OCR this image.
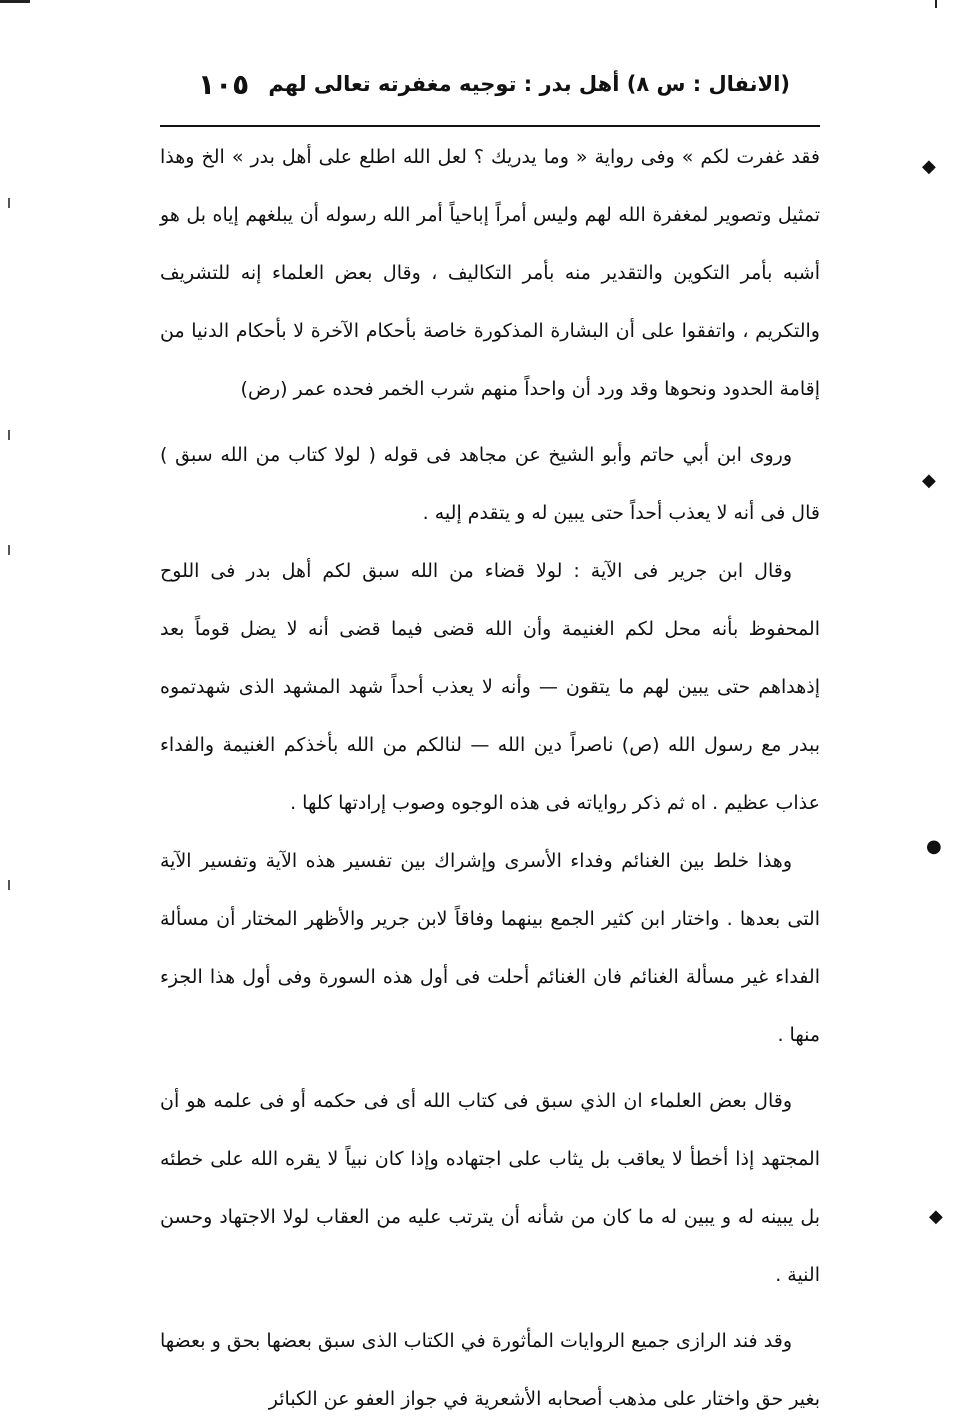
(الانفال : س ٨) أهل بدر : توجيه مغفرته تعالى لهم
١٠٥

فقد غفرت لكم » وفى رواية « وما يدريك ؟ لعل الله اطلع على أهل بدر » الخ وهذا تمثيل وتصوير لمغفرة الله لهم وليس أمراً إباحياً أمر الله رسوله أن يبلغهم إياه بل هو أشبه بأمر التكوين والتقدير منه بأمر التكاليف ، وقال بعض العلماء إنه للتشريف والتكريم ، واتفقوا على أن البشارة المذكورة خاصة بأحكام الآخرة لا بأحكام الدنيا من إقامة الحدود ونحوها وقد ورد أن واحداً منهم شرب الخمر فحده عمر (رض)

وروى ابن أبي حاتم وأبو الشيخ عن مجاهد فى قوله ( لولا كتاب من الله سبق ) قال فى أنه لا يعذب أحداً حتى يبين له و يتقدم إليه .

وقال ابن جرير فى الآية : لولا قضاء من الله سبق لكم أهل بدر فى اللوح المحفوظ بأنه محل لكم الغنيمة وأن الله قضى فيما قضى أنه لا يضل قوماً بعد إذهداهم حتى يبين لهم ما يتقون — وأنه لا يعذب أحداً شهد المشهد الذى شهدتموه ببدر مع رسول الله (ص) ناصراً دين الله — لنالكم من الله بأخذكم الغنيمة والفداء عذاب عظيم . اه ثم ذكر رواياته فى هذه الوجوه وصوب إرادتها كلها .

وهذا خلط بين الغنائم وفداء الأسرى وإشراك بين تفسير هذه الآية وتفسير الآية التى بعدها . واختار ابن كثير الجمع بينهما وفاقاً لابن جرير والأظهر المختار أن مسألة الفداء غير مسألة الغنائم فان الغنائم أحلت فى أول هذه السورة وفى أول هذا الجزء منها .

وقال بعض العلماء ان الذي سبق فى كتاب الله أى فى حكمه أو فى علمه هو أن المجتهد إذا أخطأ لا يعاقب بل يثاب على اجتهاده وإذا كان نبياً لا يقره الله على خطئه بل يبينه له و يبين له ما كان من شأنه أن يترتب عليه من العقاب لولا الاجتهاد وحسن النية .

وقد فند الرازى جميع الروايات المأثورة في الكتاب الذى سبق بعضها بحق و بعضها بغير حق واختار على مذهب أصحابه الأشعرية في جواز العفو عن الكبائر

◆
◆
●
◆
